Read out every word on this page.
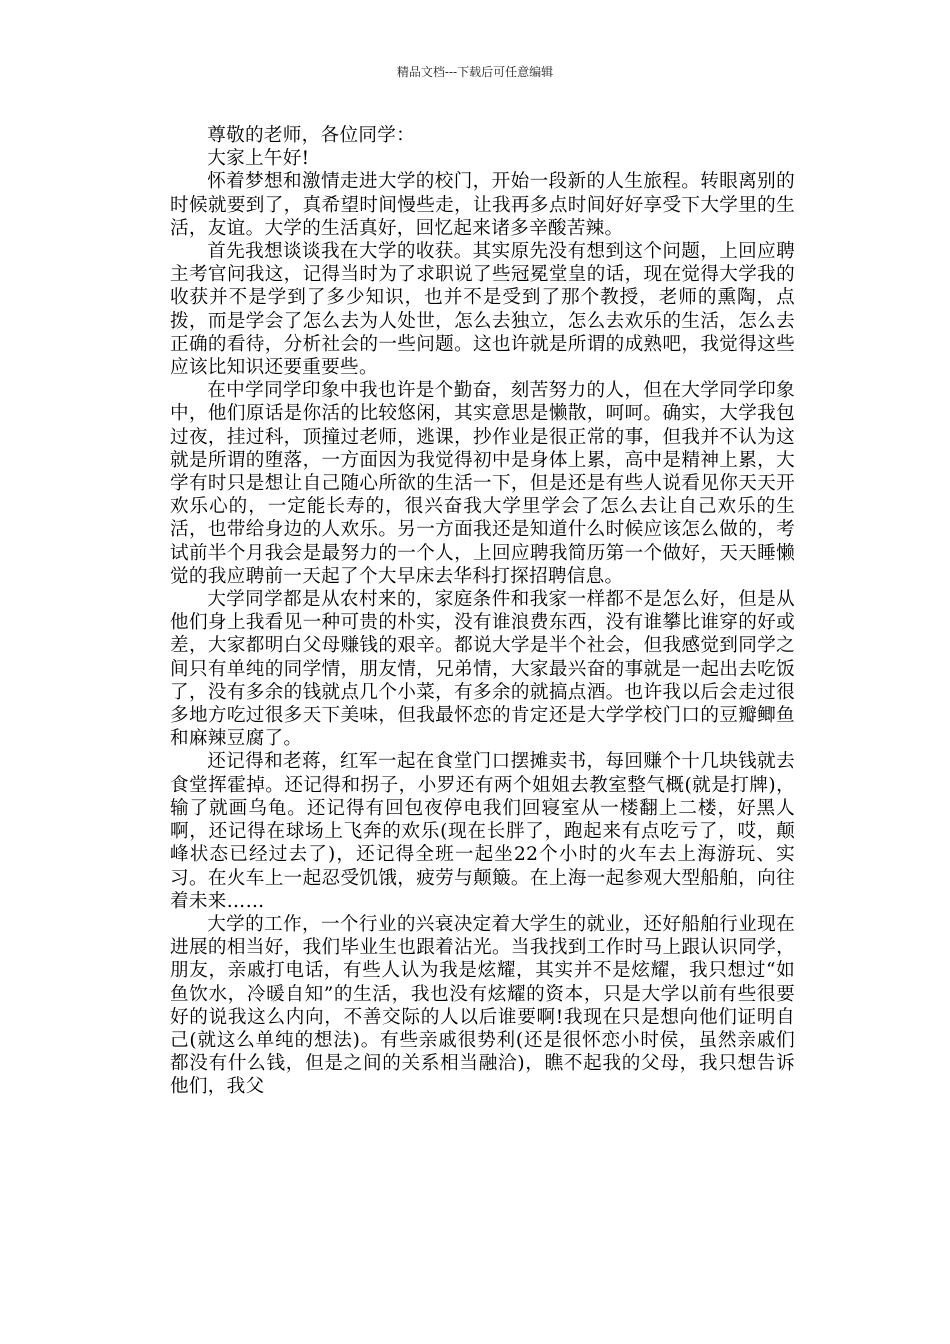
精品文档---下载后可任意编辑

尊敬的老师，各位同学：

大家上午好!

怀着梦想和激情走进大学的校门，开始一段新的人生旅程。转眼离别的时候就要到了，真希望时间慢些走，让我再多点时间好好享受下大学里的生活，友谊。大学的生活真好，回忆起来诸多辛酸苦辣。

首先我想谈谈我在大学的收获。其实原先没有想到这个问题，上回应聘主考官问我这，记得当时为了求职说了些冠冕堂皇的话，现在觉得大学我的收获并不是学到了多少知识，也并不是受到了那个教授，老师的熏陶，点拨，而是学会了怎么去为人处世，怎么去独立，怎么去欢乐的生活，怎么去正确的看待，分析社会的一些问题。这也许就是所谓的成熟吧，我觉得这些应该比知识还要重要些。

在中学同学印象中我也许是个勤奋，刻苦努力的人，但在大学同学印象中，他们原话是你活的比较悠闲，其实意思是懒散，呵呵。确实，大学我包过夜，挂过科，顶撞过老师，逃课，抄作业是很正常的事，但我并不认为这就是所谓的堕落，一方面因为我觉得初中是身体上累，高中是精神上累，大学有时只是想让自己随心所欲的生活一下，但是还是有些人说看见你天天开欢乐心的，一定能长寿的，很兴奋我大学里学会了怎么去让自己欢乐的生活，也带给身边的人欢乐。另一方面我还是知道什么时候应该怎么做的，考试前半个月我会是最努力的一个人，上回应聘我简历第一个做好，天天睡懒觉的我应聘前一天起了个大早床去华科打探招聘信息。

大学同学都是从农村来的，家庭条件和我家一样都不是怎么好，但是从他们身上我看见一种可贵的朴实，没有谁浪费东西，没有谁攀比谁穿的好或差，大家都明白父母赚钱的艰辛。都说大学是半个社会，但我感觉到同学之间只有单纯的同学情，朋友情，兄弟情，大家最兴奋的事就是一起出去吃饭了，没有多余的钱就点几个小菜，有多余的就搞点酒。也许我以后会走过很多地方吃过很多天下美味，但我最怀恋的肯定还是大学学校门口的豆瓣鲫鱼和麻辣豆腐了。

还记得和老蒋，红军一起在食堂门口摆摊卖书，每回赚个十几块钱就去食堂挥霍掉。还记得和拐子，小罗还有两个姐姐去教室整气概(就是打牌)，输了就画乌龟。还记得有回包夜停电我们回寝室从一楼翻上二楼，好黑人啊，还记得在球场上飞奔的欢乐(现在长胖了，跑起来有点吃亏了，哎，颠峰状态已经过去了)，还记得全班一起坐22个小时的火车去上海游玩、实习。在火车上一起忍受饥饿，疲劳与颠簸。在上海一起参观大型船舶，向往着未来……

大学的工作，一个行业的兴衰决定着大学生的就业，还好船舶行业现在进展的相当好，我们毕业生也跟着沾光。当我找到工作时马上跟认识同学，朋友，亲戚打电话，有些人认为我是炫耀，其实并不是炫耀，我只想过“如鱼饮水，冷暖自知”的生活，我也没有炫耀的资本，只是大学以前有些很要好的说我这么内向，不善交际的人以后谁要啊!我现在只是想向他们证明自己(就这么单纯的想法)。有些亲戚很势利(还是很怀恋小时侯，虽然亲戚们都没有什么钱，但是之间的关系相当融洽)，瞧不起我的父母，我只想告诉他们，我父
